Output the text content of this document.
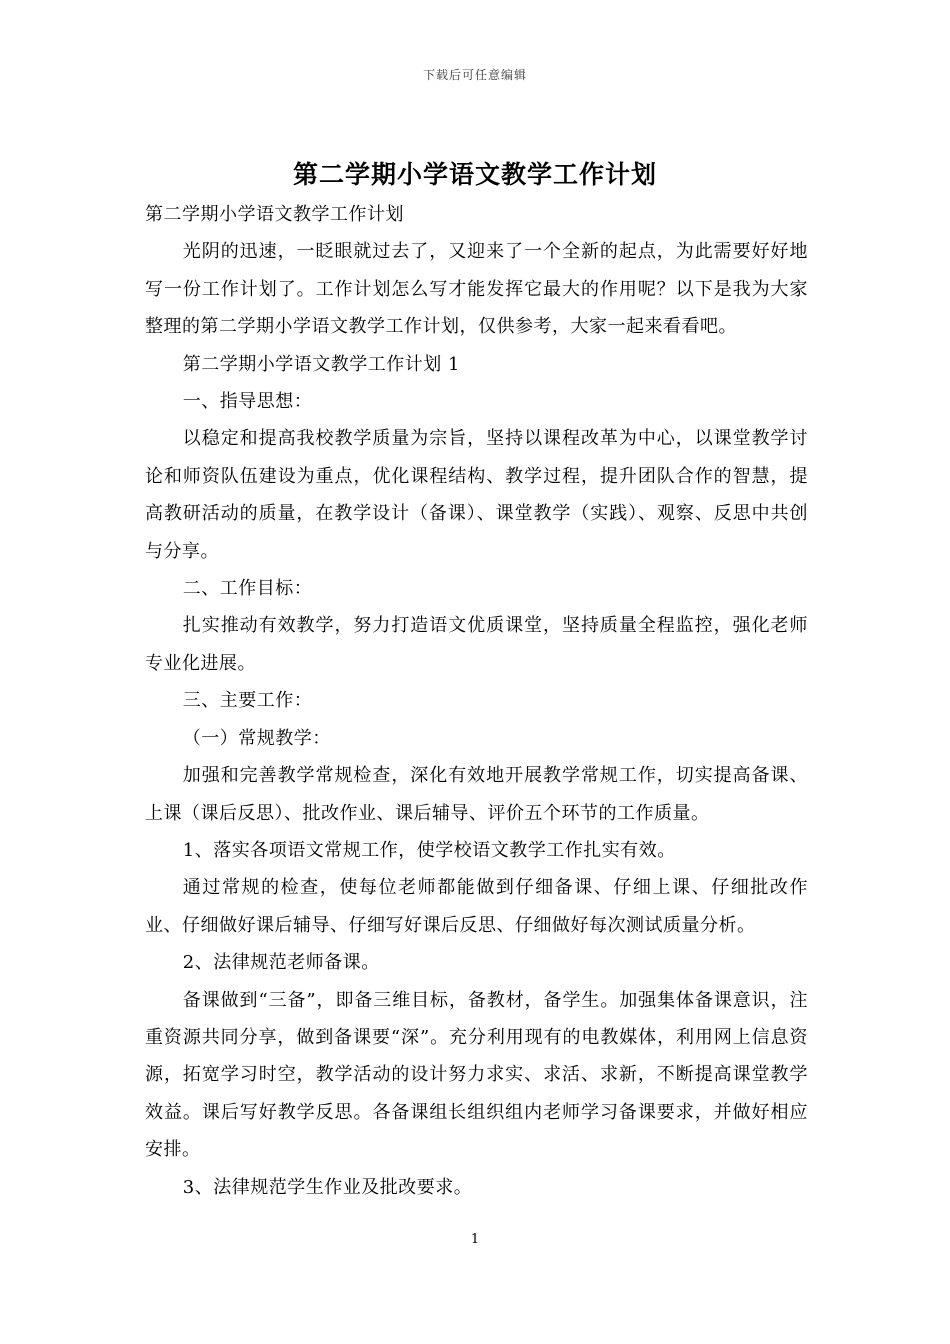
下载后可任意编辑
第二学期小学语文教学工作计划

第二学期小学语文教学工作计划

光阴的迅速，一眨眼就过去了，又迎来了一个全新的起点，为此需要好好地写一份工作计划了。工作计划怎么写才能发挥它最大的作用呢？以下是我为大家整理的第二学期小学语文教学工作计划，仅供参考，大家一起来看看吧。

第二学期小学语文教学工作计划 1

一、指导思想：

以稳定和提高我校教学质量为宗旨，坚持以课程改革为中心，以课堂教学讨论和师资队伍建设为重点，优化课程结构、教学过程，提升团队合作的智慧，提高教研活动的质量，在教学设计（备课）、课堂教学（实践）、观察、反思中共创与分享。

二、工作目标：

扎实推动有效教学，努力打造语文优质课堂，坚持质量全程监控，强化老师专业化进展。

三、主要工作：

（一）常规教学：

加强和完善教学常规检查，深化有效地开展教学常规工作，切实提高备课、上课（课后反思）、批改作业、课后辅导、评价五个环节的工作质量。

1、落实各项语文常规工作，使学校语文教学工作扎实有效。

通过常规的检查，使每位老师都能做到仔细备课、仔细上课、仔细批改作业、仔细做好课后辅导、仔细写好课后反思、仔细做好每次测试质量分析。

2、法律规范老师备课。

备课做到“三备”，即备三维目标，备教材，备学生。加强集体备课意识，注重资源共同分享，做到备课要“深”。充分利用现有的电教媒体，利用网上信息资源，拓宽学习时空，教学活动的设计努力求实、求活、求新，不断提高课堂教学效益。课后写好教学反思。各备课组长组织组内老师学习备课要求，并做好相应安排。

3、法律规范学生作业及批改要求。

1
